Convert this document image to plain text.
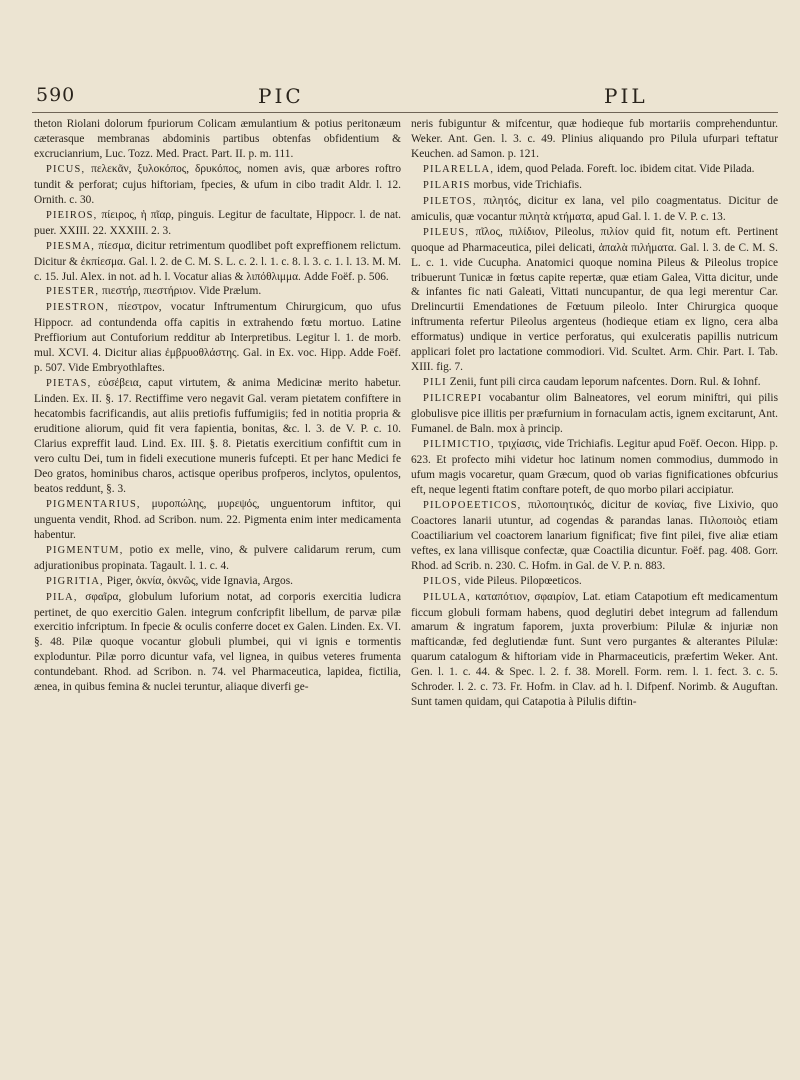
590	PIC	PIL

theton Riolani dolorum fpuriorum Colicam æmulantium & potius peritonæum cæterasque membranas abdominis partibus obtenfas obfidentium & excrucianrium, Luc. Tozz. Med. Pract. Part. II. p. m. 111.

PICUS, πελεκᾶν, ξυλοκόπος, δρυκόπος, nomen avis, quæ arbores roftro tundit & perforat; cujus hiftoriam, fpecies, & ufum in cibo tradit Aldr. l. 12. Ornith. c. 30.

PIEIROS, πίειρος, ἡ πῖαρ, pinguis. Legitur de facultate, Hippocr. l. de nat. puer. XXIII. 22. XXXIII. 2. 3.

PIESMA, πίεσμα, dicitur retrimentum quodlibet poft expreffionem relictum. Dicitur & ἐκπίεσμα. Gal. l. 2. de C. M. S. L. c. 2. l. 1. c. 8. l. 3. c. 1. l. 13. M. M. c. 15. Jul. Alex. in not. ad h. l. Vocatur alias & λιπόθλιμμα. Adde Foëf. p. 506.

PIESTER, πιεστήρ, πιεστήριον. Vide Prælum.

PIESTRON, πίεστρον, vocatur Inftrumentum Chirurgicum, quo ufus Hippocr. ad contundenda offa capitis in extrahendo fœtu mortuo. Latine Preffiorium aut Contuforium redditur ab Interpretibus. Legitur l. 1. de morb. mul. XCVI. 4. Dicitur alias ἐμβρυοθλάστης. Gal. in Ex. voc. Hipp. Adde Foëf. p. 507. Vide Embryothlaftes.

PIETAS, εὐσέβεια, caput virtutem, & anima Medicinæ merito habetur. Linden. Ex. II. §. 17. Rectiffime vero negavit Gal. veram pietatem confiftere in hecatombis facrificandis, aut aliis pretiofis fuffumigiis; fed in notitia propria & eruditione aliorum, quid fit vera fapientia, bonitas, &c. l. 3. de V. P. c. 10. Clarius expreffit laud. Lind. Ex. III. §. 8. Pietatis exercitium confiftit cum in vero cultu Dei, tum in fideli executione muneris fufcepti. Et per hanc Medici fe Deo gratos, hominibus charos, actisque operibus profperos, inclytos, opulentos, beatos reddunt, §. 3.

PIGMENTARIUS, μυροπώλης, μυρεψός, unguentorum inftitor, qui unguenta vendit, Rhod. ad Scribon. num. 22. Pigmenta enim inter medicamenta habentur.

PIGMENTUM, potio ex melle, vino, & pulvere calidarum rerum, cum adjurationibus propinata. Tagault. l. 1. c. 4.

PIGRITIA, Piger, ὀκνία, ὀκνῶς, vide Ignavia, Argos.

PILA, σφαῖρα, globulum luforium notat, ad corporis exercitia ludicra pertinet, de quo exercitio Galen. integrum confcripfit libellum, de parvæ pilæ exercitio infcriptum. In fpecie & oculis conferre docet ex Galen. Linden. Ex. VI. §. 48. Pilæ quoque vocantur globuli plumbei, qui vi ignis e tormentis exploduntur. Pilæ porro dicuntur vafa, vel lignea, in quibus veteres frumenta contundebant. Rhod. ad Scribon. n. 74. vel Pharmaceutica, lapidea, fictilia, ænea, in quibus femina & nuclei teruntur, aliaque diverfi ge-

neris fubiguntur & mifcentur, quæ hodieque fub mortariis comprehenduntur. Weker. Ant. Gen. l. 3. c. 49. Plinius aliquando pro Pilula ufurpari teftatur Keuchen. ad Samon. p. 121.

PILARELLA, idem, quod Pelada. Foreft. loc. ibidem citat. Vide Pilada.

PILARIS morbus, vide Trichiafis.

PILETOS, πιλητός, dicitur ex lana, vel pilo coagmentatus. Dicitur de amiculis, quæ vocantur πιλητὰ κτήματα, apud Gal. l. 1. de V. P. c. 13.

PILEUS, πῖλος, πιλίδιον, Pileolus, πιλίον quid fit, notum eft. Pertinent quoque ad Pharmaceutica, pilei delicati, ἁπαλὰ πιλήματα. Gal. l. 3. de C. M. S. L. c. 1. vide Cucupha. Anatomici quoque nomina Pileus & Pileolus tropice tribuerunt Tunicæ in fœtus capite repertæ, quæ etiam Galea, Vitta dicitur, unde & infantes fic nati Galeati, Vittati nuncupantur, de qua legi merentur Car. Drelincurtii Emendationes de Fœtuum pileolo. Inter Chirurgica quoque inftrumenta refertur Pileolus argenteus (hodieque etiam ex ligno, cera alba efformatus) undique in vertice perforatus, qui exulceratis papillis nutricum applicari folet pro lactatione commodiori. Vid. Scultet. Arm. Chir. Part. I. Tab. XIII. fig. 7.

PILI Zenii, funt pili circa caudam leporum nafcentes. Dorn. Rul. & Iohnf.

PILICREPI vocabantur olim Balneatores, vel eorum miniftri, qui pilis globulisve pice illitis per præfurnium in fornaculam actis, ignem excitarunt, Ant. Fumanel. de Baln. mox à princip.

PILIMICTIO, τριχίασις, vide Trichiafis. Legitur apud Foëf. Oecon. Hipp. p. 623. Et profecto mihi videtur hoc latinum nomen commodius, dummodo in ufum magis vocaretur, quam Græcum, quod ob varias fignificationes obfcurius eft, neque legenti ftatim conftare poteft, de quo morbo pilari accipiatur.

PILOPOEETICOS, πιλοποιητικός, dicitur de κονίας, five Lixivio, quo Coactores lanarii utuntur, ad cogendas & parandas lanas. Πιλοποιὸς etiam Coactiliarium vel coactorem lanarium fignificat; five fint pilei, five aliæ etiam veftes, ex lana villisque confectæ, quæ Coactilia dicuntur. Foëf. pag. 408. Gorr. Rhod. ad Scrib. n. 230. C. Hofm. in Gal. de V. P. n. 883.

PILOS, vide Pileus. Pilopœeticos.

PILULA, καταπότιον, σφαιρίον, Lat. etiam Catapotium eft medicamentum ficcum globuli formam habens, quod deglutiri debet integrum ad fallendum amarum & ingratum faporem, juxta proverbium: Pilulæ & injuriæ non mafticandæ, fed deglutiendæ funt. Sunt vero purgantes & alterantes Pilulæ: quarum catalogum & hiftoriam vide in Pharmaceuticis, præfertim Weker. Ant. Gen. l. 1. c. 44. & Spec. l. 2. f. 38. Morell. Form. rem. l. 1. fect. 3. c. 5. Schroder. l. 2. c. 73. Fr. Hofm. in Clav. ad h. l. Difpenf. Norimb. & Auguftan. Sunt tamen quidam, qui Catapotia à Pilulis diftin-
